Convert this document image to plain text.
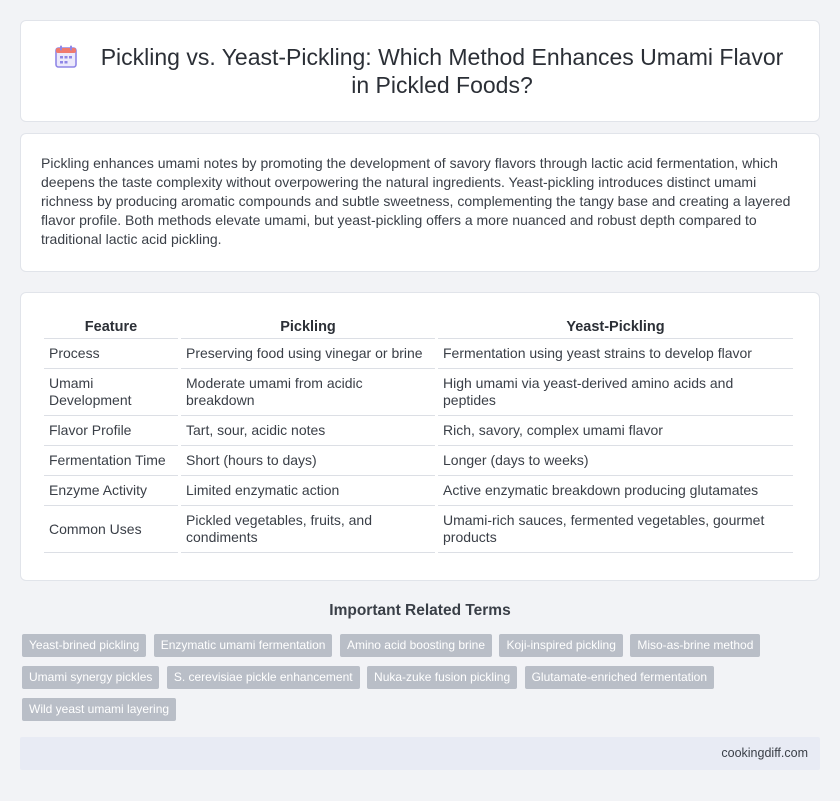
Pickling vs. Yeast-Pickling: Which Method Enhances Umami Flavor in Pickled Foods?

Pickling enhances umami notes by promoting the development of savory flavors through lactic acid fermentation, which deepens the taste complexity without overpowering the natural ingredients. Yeast-pickling introduces distinct umami richness by producing aromatic compounds and subtle sweetness, complementing the tangy base and creating a layered flavor profile. Both methods elevate umami, but yeast-pickling offers a more nuanced and robust depth compared to traditional lactic acid pickling.

Feature	Pickling	Yeast-Pickling
Process	Preserving food using vinegar or brine	Fermentation using yeast strains to develop flavor
Umami Development	Moderate umami from acidic breakdown	High umami via yeast-derived amino acids and peptides
Flavor Profile	Tart, sour, acidic notes	Rich, savory, complex umami flavor
Fermentation Time	Short (hours to days)	Longer (days to weeks)
Enzyme Activity	Limited enzymatic action	Active enzymatic breakdown producing glutamates
Common Uses	Pickled vegetables, fruits, and condiments	Umami-rich sauces, fermented vegetables, gourmet products
Important Related Terms
Yeast-brined pickling Enzymatic umami fermentation Amino acid boosting brine Koji-inspired pickling Miso-as-brine method Umami synergy pickles S. cerevisiae pickle enhancement Nuka-zuke fusion pickling Glutamate-enriched fermentation Wild yeast umami layering
cookingdiff.com
